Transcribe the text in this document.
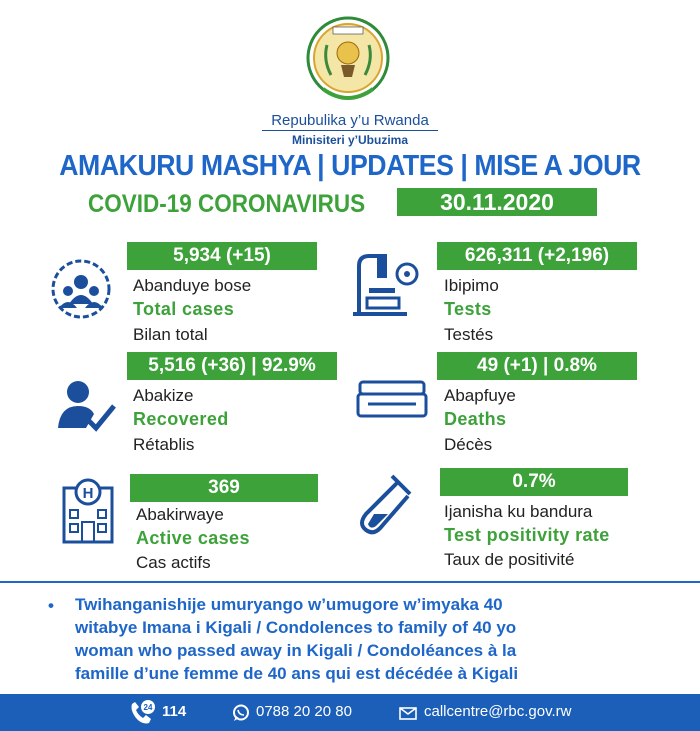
Repubulika y’u Rwanda
Minisiteri y’Ubuzima
AMAKURU MASHYA | UPDATES | MISE A JOUR
COVID-19 CORONAVIRUS	30.11.2020
5,934 (+15)
Abanduye bose
Total cases
Bilan total
626,311 (+2,196)
Ibipimo
Tests
Testés
5,516 (+36) | 92.9%
Abakize
Recovered
Rétablis
49 (+1) | 0.8%
Abapfuye
Deaths
Décès
H	369
Abakirwaye
Active cases
Cas actifs
0.7%
Ijanisha ku bandura
Test positivity rate
Taux de positivité
• Twihanganishije umuryango w’umugore w’imyaka 40
witabye Imana i Kigali / Condolences to family of 40 yo
woman who passed away in Kigali / Condoléances à la
famille d’une femme de 40 ans qui est décédée à Kigali
24 114	0788 20 20 80	callcentre@rbc.gov.rw
